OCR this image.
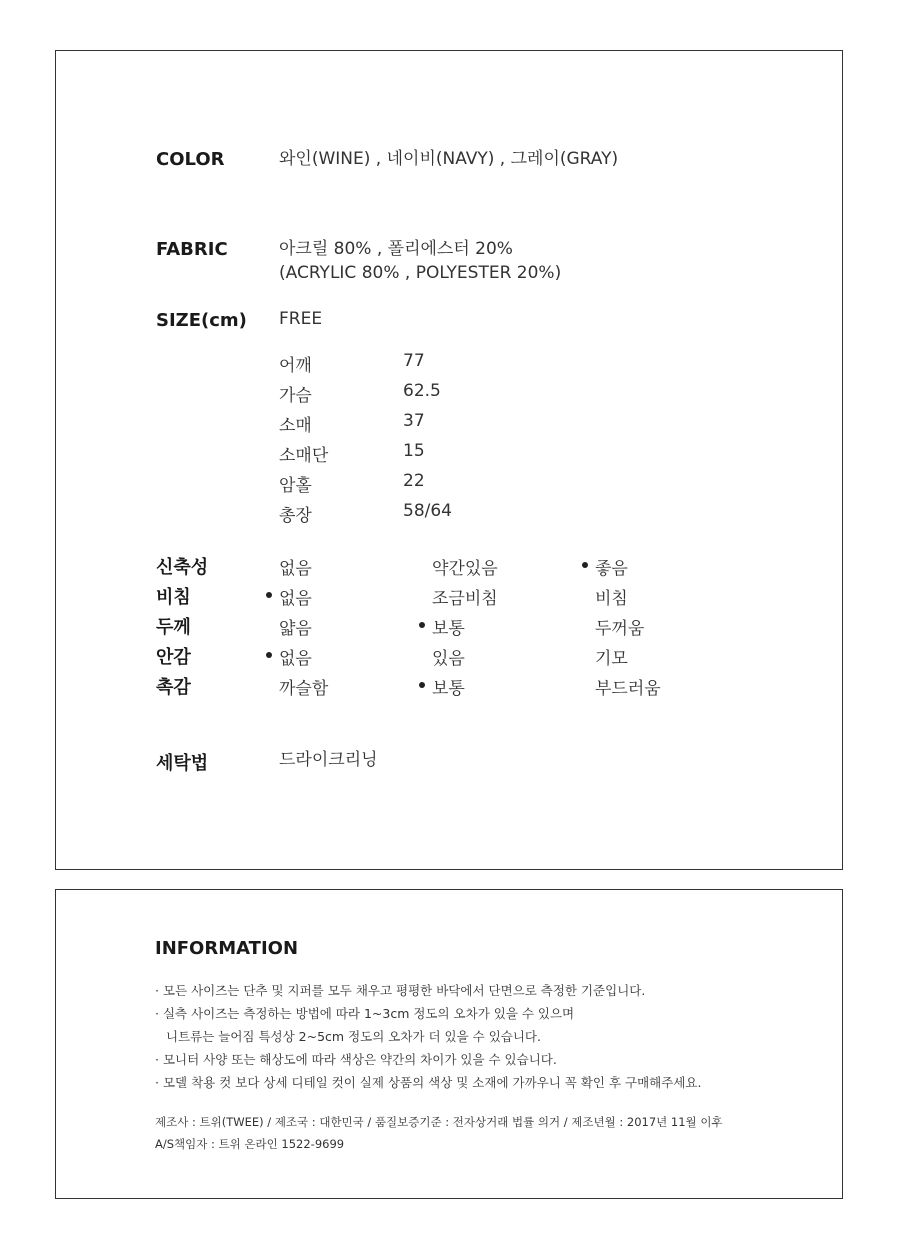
COLOR	와인(WINE) , 네이비(NAVY) , 그레이(GRAY)
FABRIC	아크릴 80% , 폴리에스터 20%
(ACRYLIC 80% , POLYESTER 20%)
SIZE(cm) FREE
어깨	77
가슴	62.5
소매	37
소매단	15
암홀	22
총장	58/64
신축성	없음	약간있음	좋음
비침	없음	조금비침	비침
두께	얇음	보통	두꺼움
안감	없음	있음	기모
촉감	까슬함	보통	부드러움
세탁법	드라이크리닝
INFORMATION
· 모든 사이즈는 단추 및 지퍼를 모두 채우고 평평한 바닥에서 단면으로 측정한 기준입니다.
· 실측 사이즈는 측정하는 방법에 따라 1~3cm 정도의 오차가 있을 수 있으며
니트류는 늘어짐 특성상 2~5cm 정도의 오차가 더 있을 수 있습니다.
· 모니터 사양 또는 해상도에 따라 색상은 약간의 차이가 있을 수 있습니다.
· 모델 착용 컷 보다 상세 디테일 컷이 실제 상품의 색상 및 소재에 가까우니 꼭 확인 후 구매해주세요.
제조사 : 트위(TWEE) / 제조국 : 대한민국 / 품질보증기준 : 전자상거래 법률 의거 / 제조년월 : 2017년 11월 이후
A/S책임자 : 트위 온라인 1522-9699
